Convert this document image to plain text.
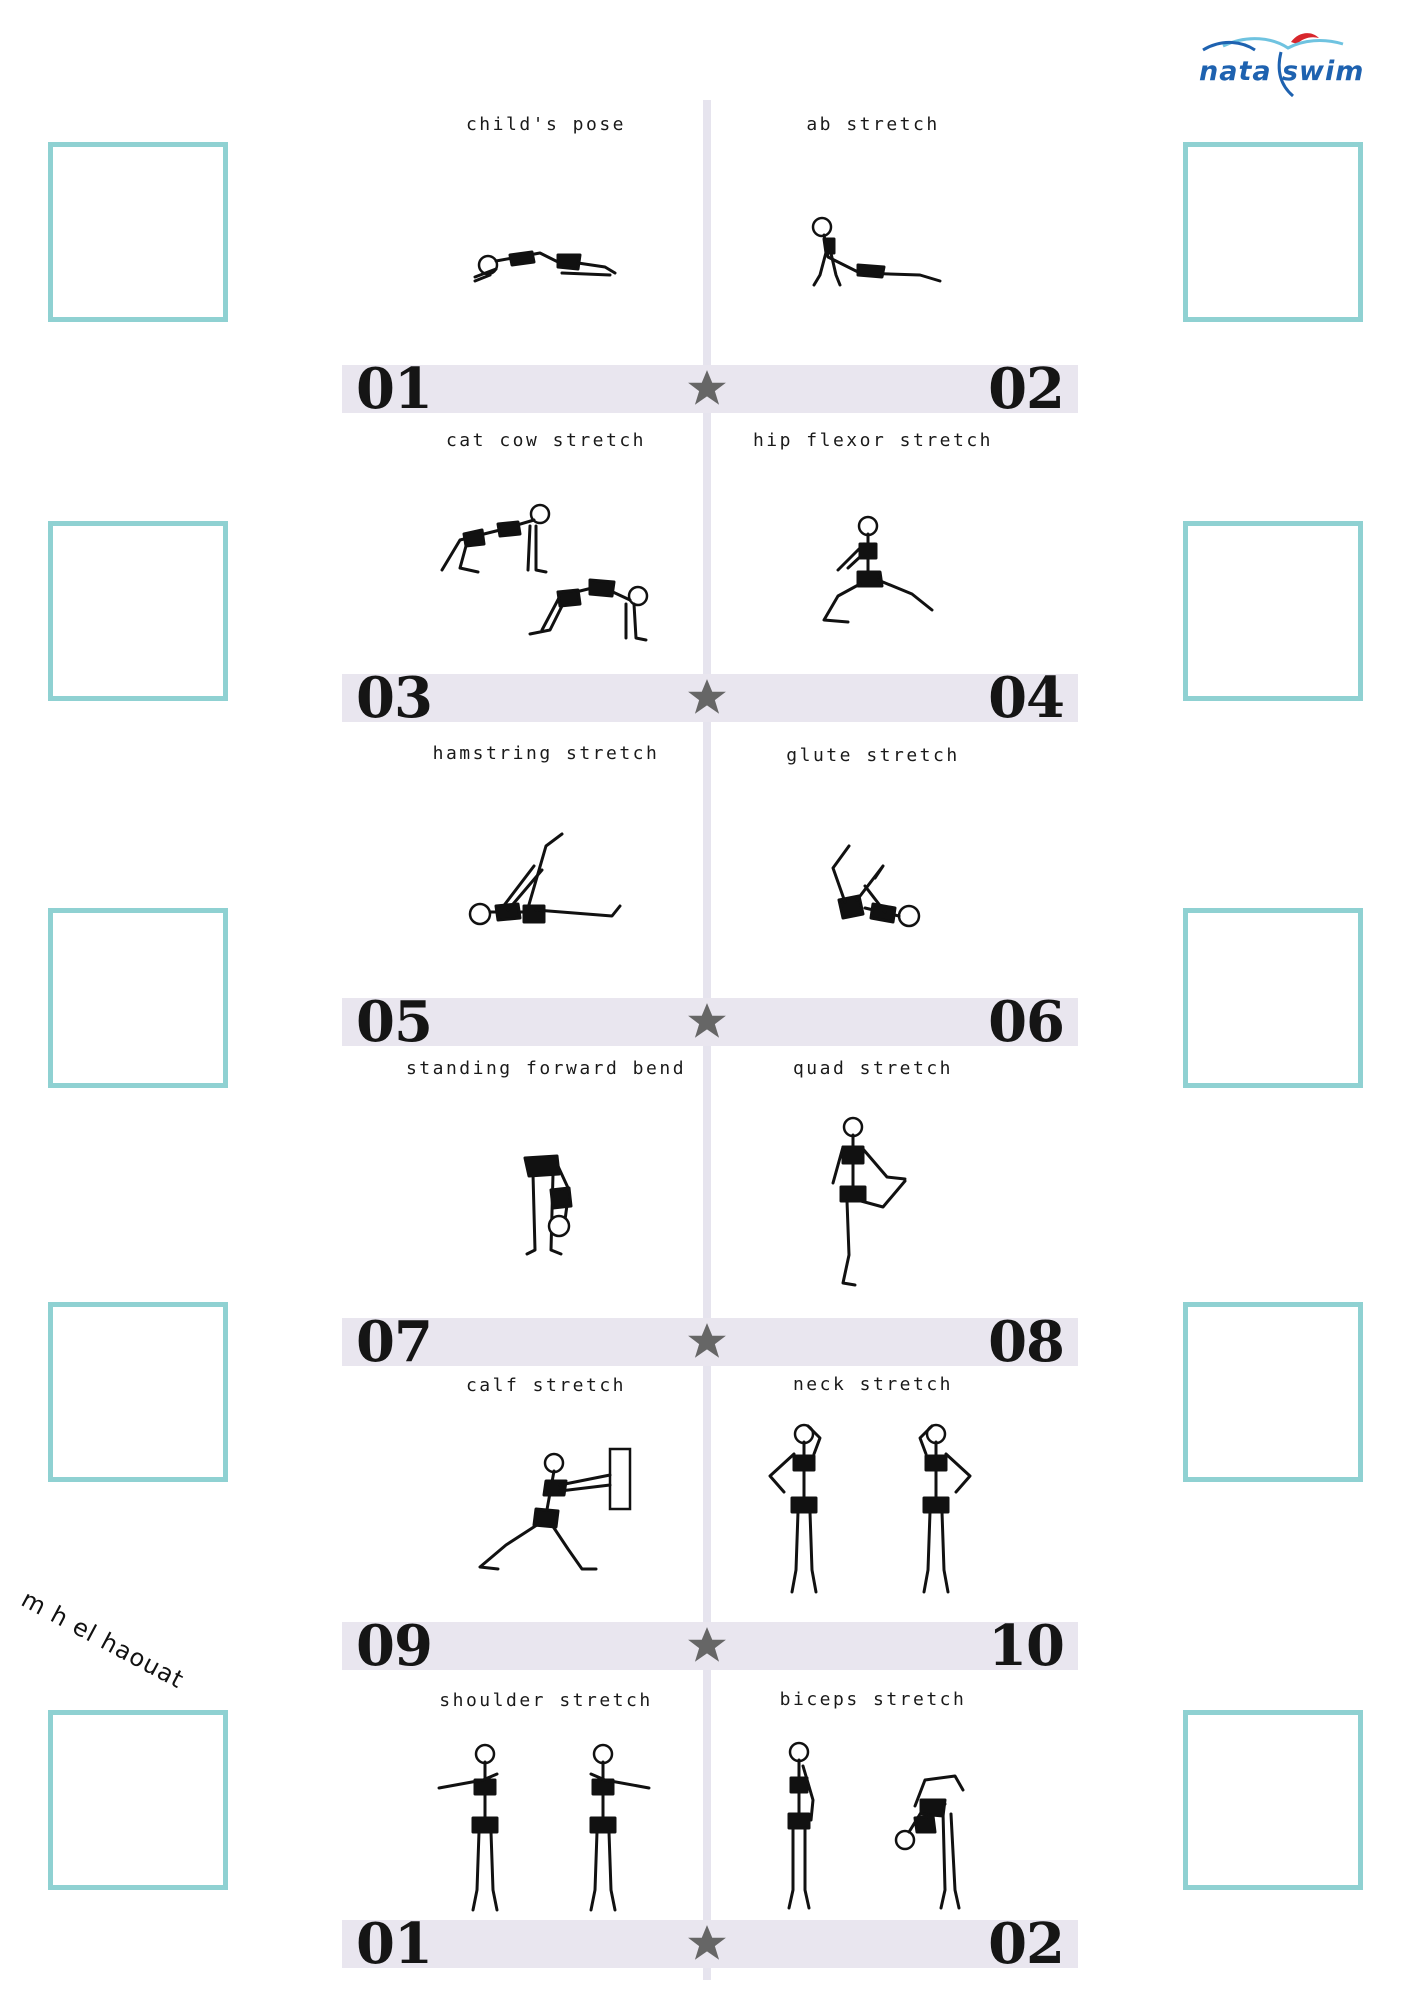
nata swim
child's pose	ab stretch
cat cow stretch	hip flexor stretch
hamstring stretch	glute stretch
standing forward bend	quad stretch
calf stretch	neck stretch
shoulder stretch	biceps stretch
01	02
03	04
05	06
07	08
09	10
01	02
m h el haouat
